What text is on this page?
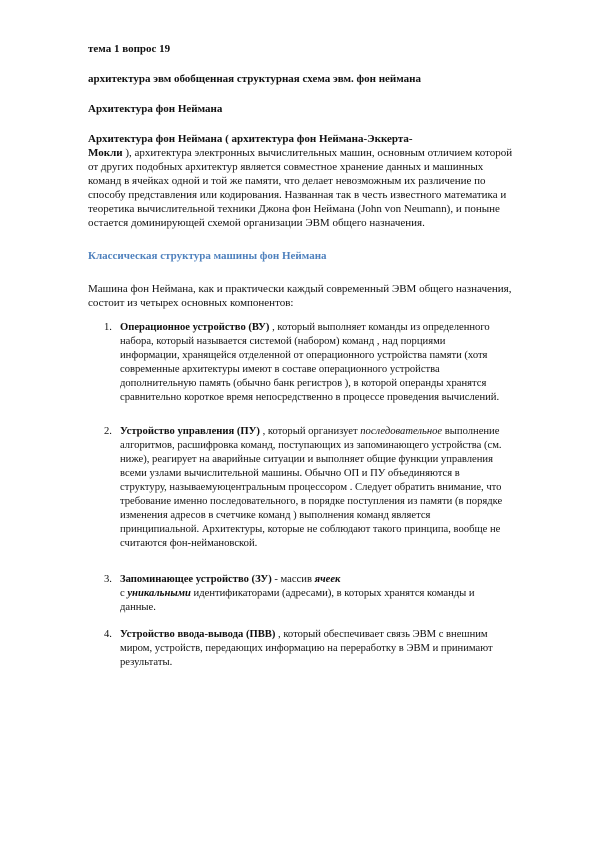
тема 1 вопрос 19
архитектура эвм обобщенная структурная схема эвм. фон неймана
Архитектура фон Неймана
Архитектура фон Неймана ( архитектура фон Неймана-Эккерта-
Мокли ), архитектура электронных вычислительных машин, основным отличием которой
от других подобных архитектур является совместное хранение данных и машинных
команд в ячейках одной и той же памяти, что делает невозможным их различение по
способу представления или кодирования. Названная так в честь известного математика и
теоретика вычислительной техники Джона фон Неймана (John von Neumann), и поныне
остается доминирующей схемой организации ЭВМ общего назначения.
Классическая структура машины фон Неймана
Машина фон Неймана, как и практически каждый современный ЭВМ общего назначения,
состоит из четырех основных компонентов:
1. Операционное устройство (ВУ) , который выполняет команды из определенного
набора, который называется системой (набором) команд , над порциями
информации, хранящейся отделенной от операционного устройства памяти (хотя
современные архитектуры имеют в составе операционного устройства
дополнительную память (обычно банк регистров ), в которой операнды хранятся
сравнительно короткое время непосредственно в процессе проведения вычислений.
2. Устройство управления (ПУ) , который организует последовательное выполнение
алгоритмов, расшифровка команд, поступающих из запоминающего устройства (см.
ниже), реагирует на аварийные ситуации и выполняет общие функции управления
всеми узлами вычислительной машины. Обычно ОП и ПУ объединяются в
структуру, называемуюцентральным процессором . Следует обратить внимание, что
требование именно последовательного, в порядке поступления из памяти (в порядке
изменения адресов в счетчике команд ) выполнения команд является
принципиальной. Архитектуры, которые не соблюдают такого принципа, вообще не
считаются фон-неймановской.
3. Запоминающее устройство (ЗУ) - массив ячеек
с уникальными идентификаторами (адресами), в которых хранятся команды и
данные.
4. Устройство ввода-вывода (ПВВ) , который обеспечивает связь ЭВМ с внешним
миром, устройств, передающих информацию на переработку в ЭВМ и принимают
результаты.
